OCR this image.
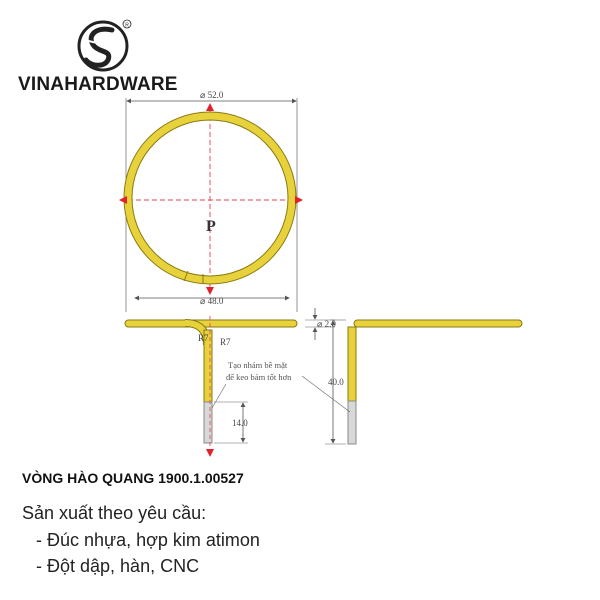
R
⌀ 52.0
⌀ 48.0
P
R7 R7
14.0
⌀ 2.0
40.0
Tạo nhám bề mặt
để keo bám tốt hơn
VINAHARDWARE
VÒNG HÀO QUANG 1900.1.00527
Sản xuất theo yêu cầu:
- Đúc nhựa, hợp kim atimon
- Đột dập, hàn, CNC
